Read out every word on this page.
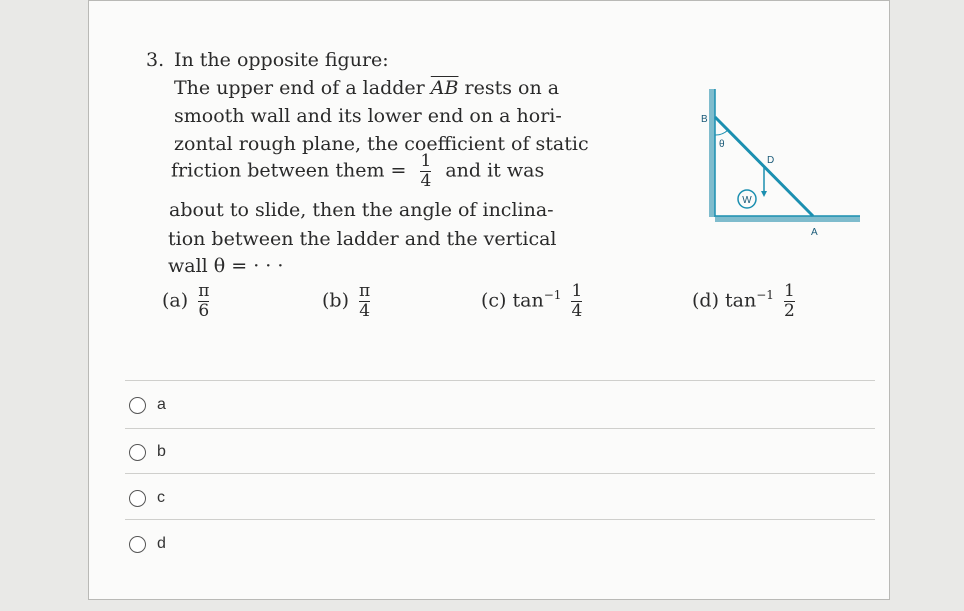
3. In the opposite figure:
The upper end of a ladder $\overline{AB}$ rests on a
smooth wall and its lower end on a hori-
zontal rough plane, the coefficient of static
friction between them = $\frac{1}{4}$ and it was
about to slide, then the angle of inclina-
tion between the ladder and the vertical
wall θ = · · ·
$(a) \frac{\pi}{6}$	$(b) \frac{\pi}{4}$	(c) $\tan^{-1} \frac{1}{4}$	(d) $\tan^{-1} \frac{1}{2}$
W
B
θ
D
A
a
b
c
d
